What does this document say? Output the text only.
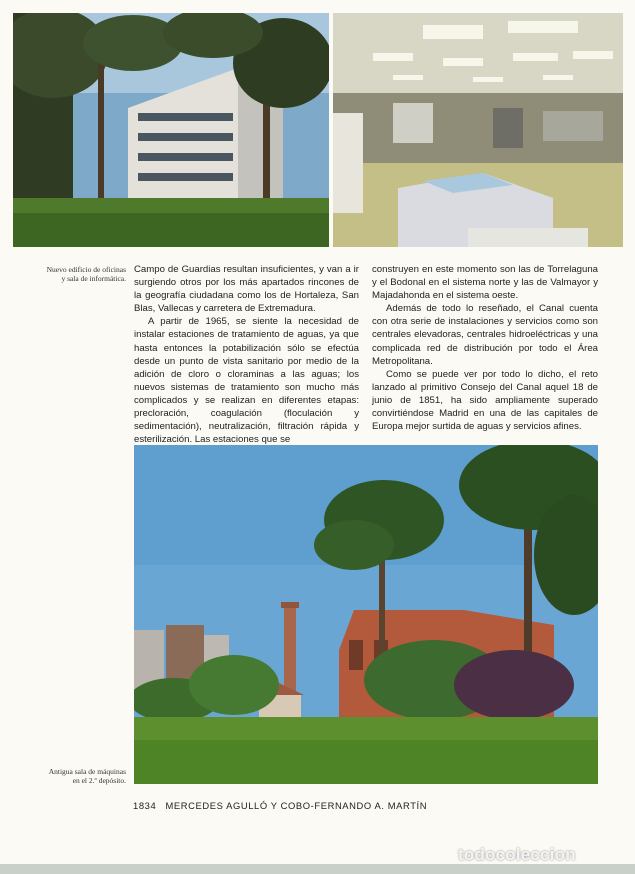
Nuevo edificio de oficinas
y sala de informática.

Campo de Guardias resultan insuficientes, y van a ir surgiendo otros por los más apartados rincones de la geografía ciudadana como los de Hortaleza, San Blas, Vallecas y carretera de Extremadura.

A partir de 1965, se siente la necesidad de instalar estaciones de tratamiento de aguas, ya que hasta entonces la potabilización sólo se efectúa desde un punto de vista sanitario por medio de la adición de cloro o cloraminas a las aguas; los nuevos sistemas de tratamiento son mucho más complicados y se realizan en diferentes etapas: precloración, coagulación (floculación y sedimentación), neutralización, filtración rápida y esterilización. Las estaciones que se

construyen en este momento son las de Torrelaguna y el Bodonal en el sistema norte y las de Valmayor y Majadahonda en el sistema oeste.

Además de todo lo reseñado, el Canal cuenta con otra serie de instalaciones y servicios como son centrales elevadoras, centrales hidroeléctricas y una complicada red de distribución por todo el Área Metropolitana.

Como se puede ver por todo lo dicho, el reto lanzado al primitivo Consejo del Canal aquel 18 de junio de 1851, ha sido ampliamente superado convirtiéndose Madrid en una de las capitales de Europa mejor surtida de aguas y servicios afines.

Antigua sala de máquinas
en el 2.º depósito.
1834 MERCEDES AGULLÓ Y COBO-FERNANDO A. MARTÍN
todocoleccion
